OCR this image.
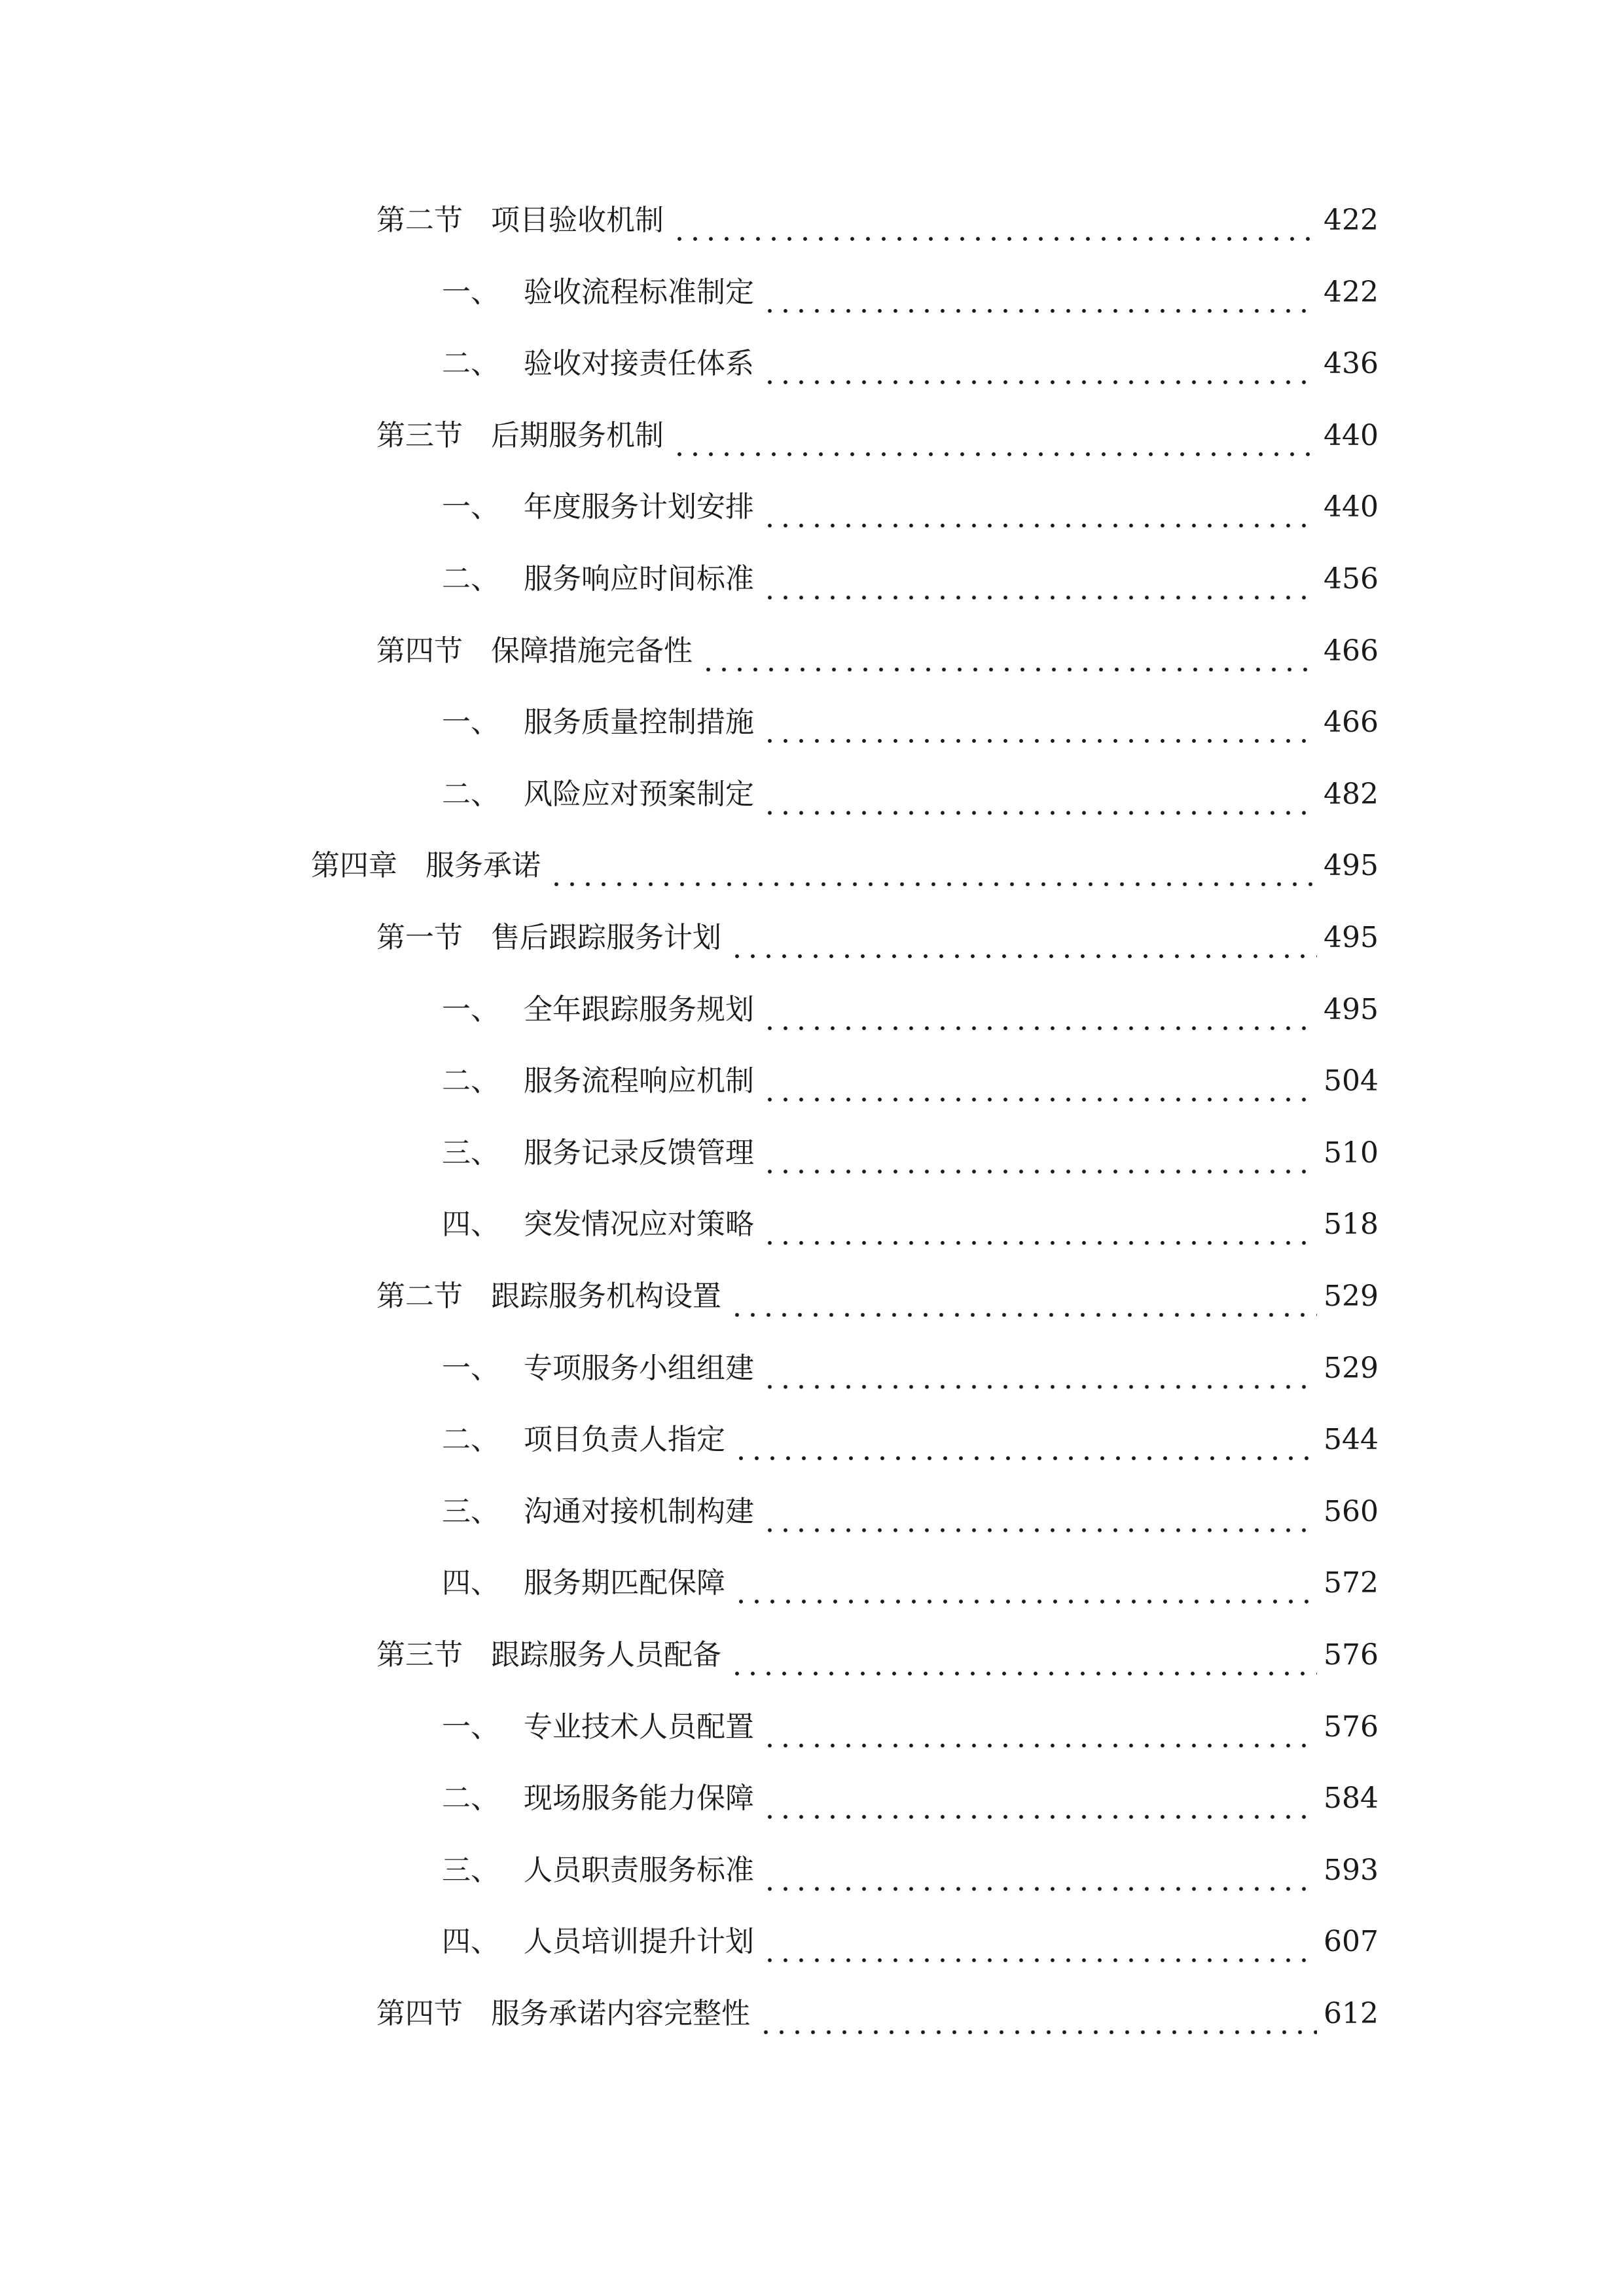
第二节 项目验收机制	422
一、 验收流程标准制定	422
二、 验收对接责任体系	436
第三节 后期服务机制	440
一、 年度服务计划安排	440
二、 服务响应时间标准	456
第四节 保障措施完备性	466
一、 服务质量控制措施	466
二、 风险应对预案制定	482
第四章 服务承诺	495
第一节 售后跟踪服务计划	495
一、 全年跟踪服务规划	495
二、 服务流程响应机制	504
三、 服务记录反馈管理	510
四、 突发情况应对策略	518
第二节 跟踪服务机构设置	529
一、 专项服务小组组建	529
二、 项目负责人指定	544
三、 沟通对接机制构建	560
四、 服务期匹配保障	572
第三节 跟踪服务人员配备	576
一、 专业技术人员配置	576
二、 现场服务能力保障	584
三、 人员职责服务标准	593
四、 人员培训提升计划	607
第四节 服务承诺内容完整性	612
